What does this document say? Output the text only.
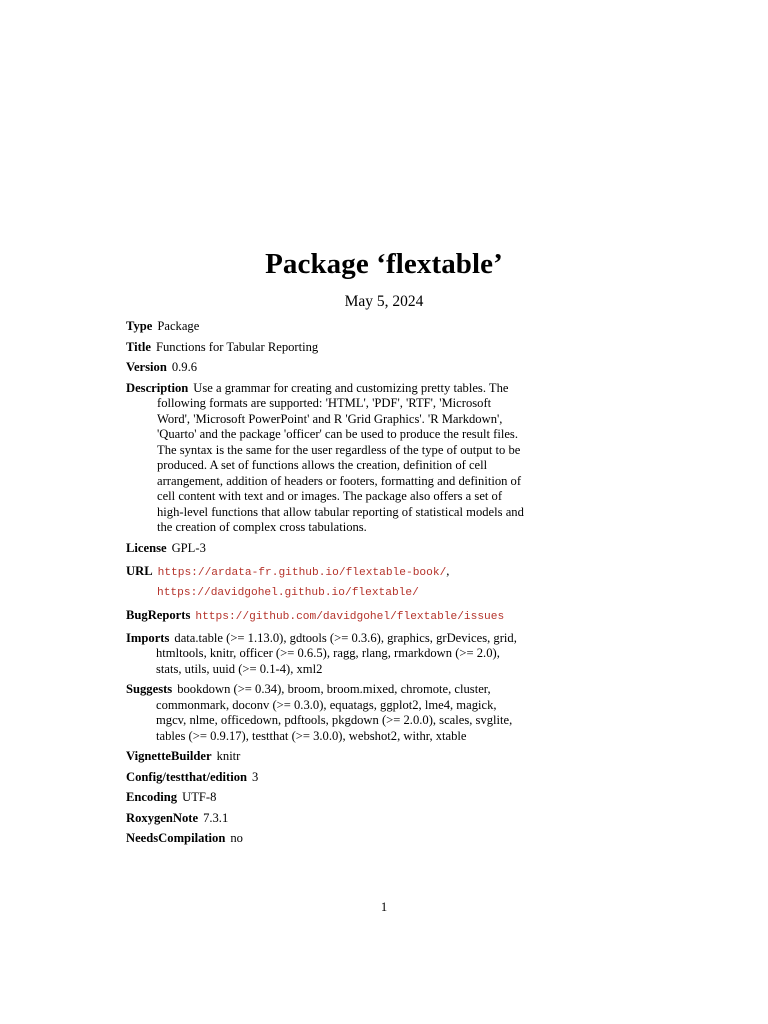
Package ‘flextable’
May 5, 2024
Type Package
Title Functions for Tabular Reporting
Version 0.9.6
Description Use a grammar for creating and customizing pretty tables. The following formats are supported: 'HTML', 'PDF', 'RTF', 'Microsoft Word', 'Microsoft PowerPoint' and R 'Grid Graphics'. 'R Markdown', 'Quarto' and the package 'officer' can be used to produce the result files. The syntax is the same for the user regardless of the type of output to be produced. A set of functions allows the creation, definition of cell arrangement, addition of headers or footers, formatting and definition of cell content with text and or images. The package also offers a set of high-level functions that allow tabular reporting of statistical models and the creation of complex cross tabulations.
License GPL-3
URL https://ardata-fr.github.io/flextable-book/,
https://davidgohel.github.io/flextable/
BugReports https://github.com/davidgohel/flextable/issues
Imports data.table (>= 1.13.0), gdtools (>= 0.3.6), graphics, grDevices, grid, htmltools, knitr, officer (>= 0.6.5), ragg, rlang, rmarkdown (>= 2.0), stats, utils, uuid (>= 0.1-4), xml2
Suggests bookdown (>= 0.34), broom, broom.mixed, chromote, cluster, commonmark, doconv (>= 0.3.0), equatags, ggplot2, lme4, magick, mgcv, nlme, officedown, pdftools, pkgdown (>= 2.0.0), scales, svglite, tables (>= 0.9.17), testthat (>= 3.0.0), webshot2, withr, xtable
VignetteBuilder knitr
Config/testthat/edition 3
Encoding UTF-8
RoxygenNote 7.3.1
NeedsCompilation no
1
